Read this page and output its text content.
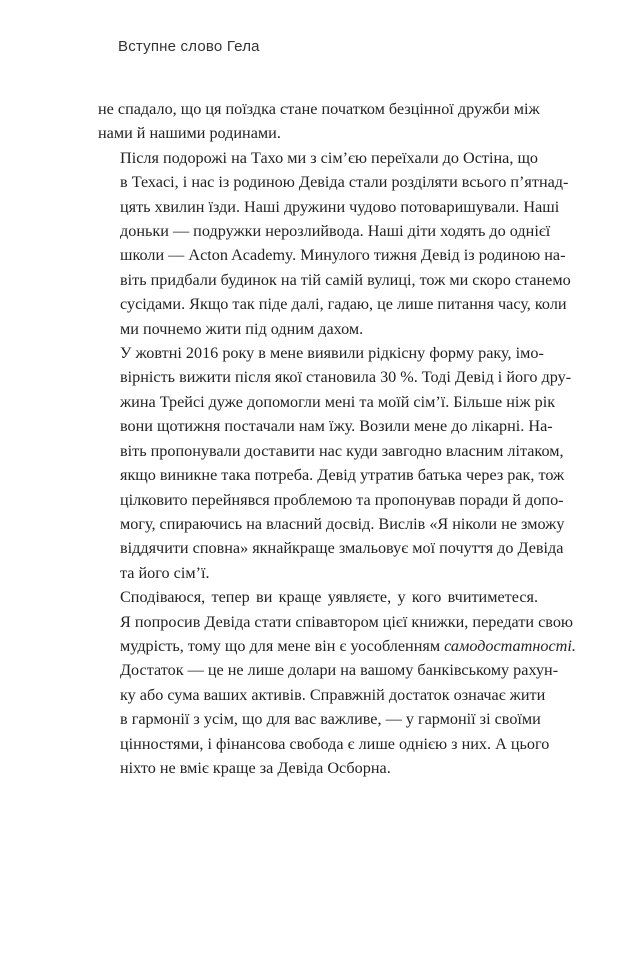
Вступне слово Гела

не спадало, що ця поїздка стане початком безцінної дружби між
нами й нашими родинами.

Після подорожі на Тахо ми з сім’єю переїхали до Остіна, що
в Техасі, і нас із родиною Девіда стали розділяти всього п’ятнад-
цять хвилин їзди. Наші дружини чудово потоваришували. Наші
доньки — подружки нерозлийвода. Наші діти ходять до однієї
школи — Acton Academy. Минулого тижня Девід із родиною на-
віть придбали будинок на тій самій вулиці, тож ми скоро станемо
сусідами. Якщо так піде далі, гадаю, це лише питання часу, коли
ми почнемо жити під одним дахом.

У жовтні 2016 року в мене виявили рідкісну форму раку, імо-
вірність вижити після якої становила 30 %. Тоді Девід і його дру-
жина Трейсі дуже допомогли мені та моїй сім’ї. Більше ніж рік
вони щотижня постачали нам їжу. Возили мене до лікарні. На-
віть пропонували доставити нас куди завгодно власним літаком,
якщо виникне така потреба. Девід утратив батька через рак, тож
цілковито перейнявся проблемою та пропонував поради й допо-
могу, спираючись на власний досвід. Вислів «Я ніколи не зможу
віддячити сповна» якнайкраще змальовує мої почуття до Девіда
та його сім’ї.

Сподіваюся, тепер ви краще уявляєте, у кого вчитиметеся.
Я попросив Девіда стати співавтором цієї книжки, передати свою
мудрість, тому що для мене він є уособленням самодостатності.
Достаток — це не лише долари на вашому банківському рахун-
ку або сума ваших активів. Справжній достаток означає жити
в гармонії з усім, що для вас важливе, — у гармонії зі своїми
цінностями, і фінансова свобода є лише однією з них. А цього
ніхто не вміє краще за Девіда Осборна.
